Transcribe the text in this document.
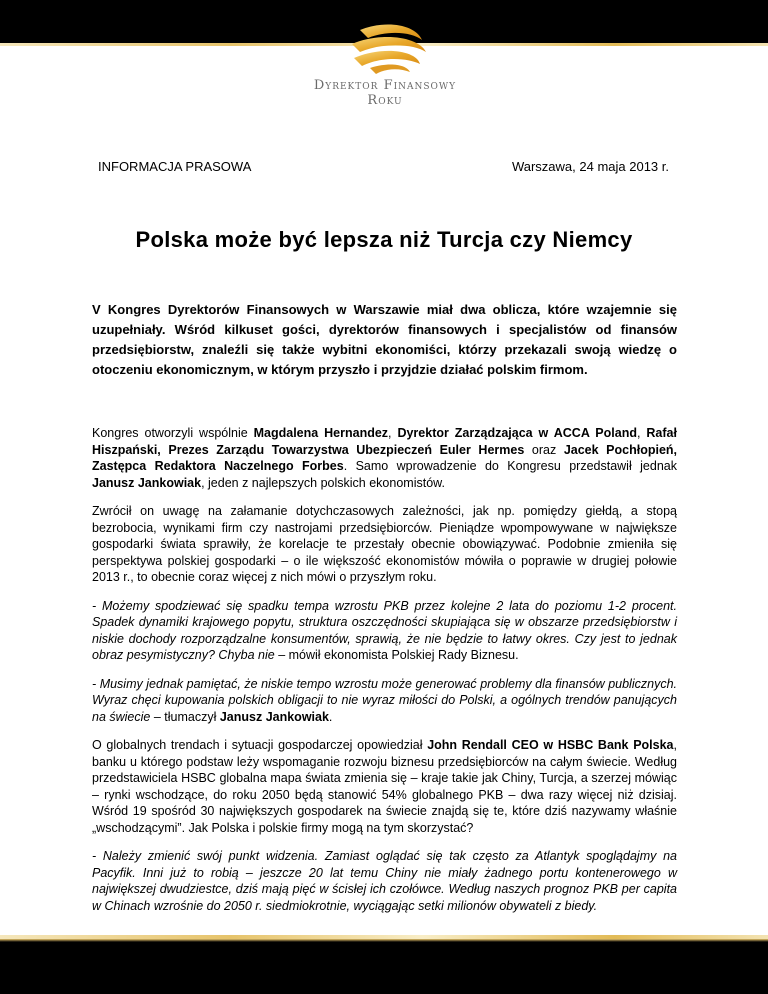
Dyrektor Finansowy
Roku
INFORMACJA PRASOWA	Warszawa, 24 maja 2013 r.
Polska może być lepsza niż Turcja czy Niemcy

V Kongres Dyrektorów Finansowych w Warszawie miał dwa oblicza, które wzajemnie się uzupełniały. Wśród kilkuset gości, dyrektorów finansowych i specjalistów od finansów przedsiębiorstw, znaleźli się także wybitni ekonomiści, którzy przekazali swoją wiedzę o otoczeniu ekonomicznym, w którym przyszło i przyjdzie działać polskim firmom.

Kongres otworzyli wspólnie Magdalena Hernandez, Dyrektor Zarządzająca w ACCA Poland, Rafał Hiszpański, Prezes Zarządu Towarzystwa Ubezpieczeń Euler Hermes oraz Jacek Pochłopień, Zastępca Redaktora Naczelnego Forbes. Samo wprowadzenie do Kongresu przedstawił jednak Janusz Jankowiak, jeden z najlepszych polskich ekonomistów.

Zwrócił on uwagę na załamanie dotychczasowych zależności, jak np. pomiędzy giełdą, a stopą bezrobocia, wynikami firm czy nastrojami przedsiębiorców. Pieniądze wpompowywane w największe gospodarki świata sprawiły, że korelacje te przestały obecnie obowiązywać. Podobnie zmieniła się perspektywa polskiej gospodarki – o ile większość ekonomistów mówiła o poprawie w drugiej połowie 2013 r., to obecnie coraz więcej z nich mówi o przyszłym roku.

- Możemy spodziewać się spadku tempa wzrostu PKB przez kolejne 2 lata do poziomu 1-2 procent. Spadek dynamiki krajowego popytu, struktura oszczędności skupiająca się w obszarze przedsiębiorstw i niskie dochody rozporządzalne konsumentów, sprawią, że nie będzie to łatwy okres. Czy jest to jednak obraz pesymistyczny? Chyba nie – mówił ekonomista Polskiej Rady Biznesu.

- Musimy jednak pamiętać, że niskie tempo wzrostu może generować problemy dla finansów publicznych. Wyraz chęci kupowania polskich obligacji to nie wyraz miłości do Polski, a ogólnych trendów panujących na świecie – tłumaczył Janusz Jankowiak.

O globalnych trendach i sytuacji gospodarczej opowiedział John Rendall CEO w HSBC Bank Polska, banku u którego podstaw leży wspomaganie rozwoju biznesu przedsiębiorców na całym świecie. Według przedstawiciela HSBC globalna mapa świata zmienia się – kraje takie jak Chiny, Turcja, a szerzej mówiąc – rynki wschodzące, do roku 2050 będą stanowić 54% globalnego PKB – dwa razy więcej niż dzisiaj. Wśród 19 spośród 30 największych gospodarek na świecie znajdą się te, które dziś nazywamy właśnie „wschodzącymi”. Jak Polska i polskie firmy mogą na tym skorzystać?

- Należy zmienić swój punkt widzenia. Zamiast oglądać się tak często za Atlantyk spoglądajmy na Pacyfik. Inni już to robią – jeszcze 20 lat temu Chiny nie miały żadnego portu kontenerowego w największej dwudziestce, dziś mają pięć w ścisłej ich czołówce. Według naszych prognoz PKB per capita w Chinach wzrośnie do 2050 r. siedmiokrotnie, wyciągając setki milionów obywateli z biedy.
